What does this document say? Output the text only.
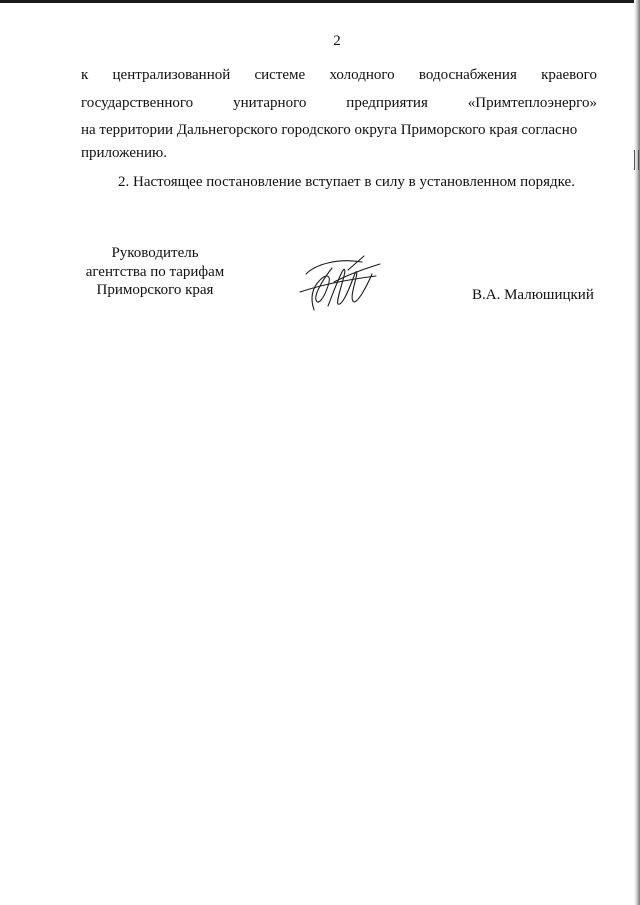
2
к централизованной системе холодного водоснабжения краевого
государственного	унитарного	предприятия	«Примтеплоэнерго»
на территории Дальнегорского городского округа Приморского края согласно
приложению.
2. Настоящее постановление вступает в силу в установленном порядке.
Руководитель
агентства по тарифам
Приморского края	В.А. Малюшицкий
